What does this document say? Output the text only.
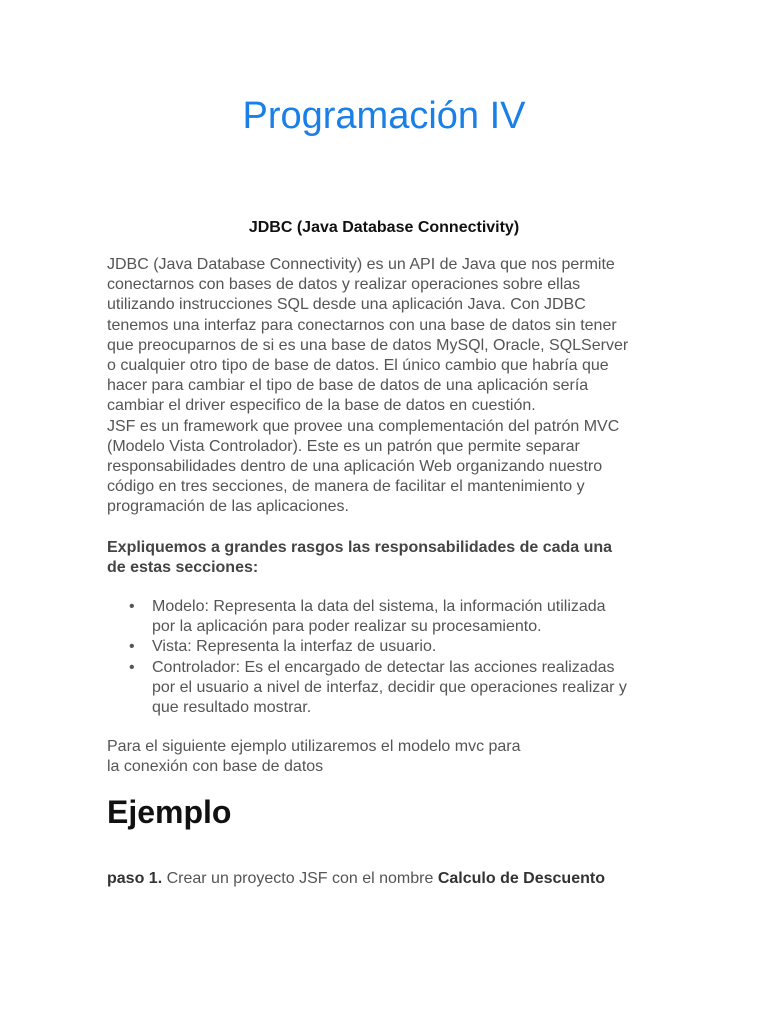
Programación IV
JDBC (Java Database Connectivity)

JDBC (Java Database Connectivity) es un API de Java que nos permite
conectarnos con bases de datos y realizar operaciones sobre ellas
utilizando instrucciones SQL desde una aplicación Java. Con JDBC
tenemos una interfaz para conectarnos con una base de datos sin tener
que preocuparnos de si es una base de datos MySQl, Oracle, SQLServer
o cualquier otro tipo de base de datos. El único cambio que habría que
hacer para cambiar el tipo de base de datos de una aplicación sería
cambiar el driver especifico de la base de datos en cuestión.
JSF es un framework que provee una complementación del patrón MVC
(Modelo Vista Controlador). Este es un patrón que permite separar
responsabilidades dentro de una aplicación Web organizando nuestro
código en tres secciones, de manera de facilitar el mantenimiento y
programación de las aplicaciones.

Expliquemos a grandes rasgos las responsabilidades de cada una
de estas secciones:

• Modelo: Representa la data del sistema, la información utilizada
por la aplicación para poder realizar su procesamiento.
• Vista: Representa la interfaz de usuario.
• Controlador: Es el encargado de detectar las acciones realizadas
por el usuario a nivel de interfaz, decidir que operaciones realizar y
que resultado mostrar.

Para el siguiente ejemplo utilizaremos el modelo mvc para
la conexión con base de datos

Ejemplo

paso 1. Crear un proyecto JSF con el nombre Calculo de Descuento
